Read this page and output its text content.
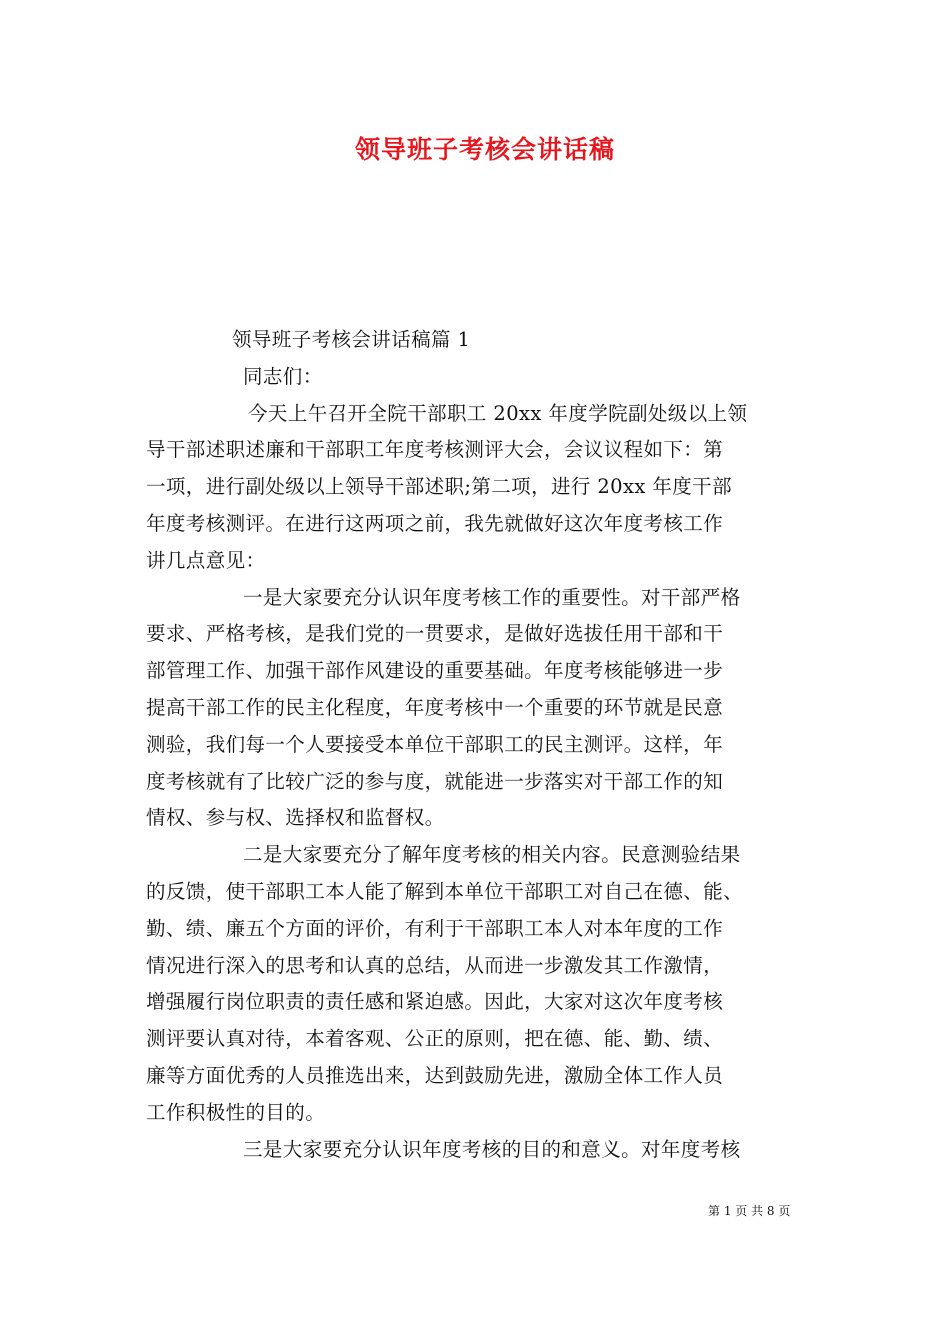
领导班子考核会讲话稿
领导班子考核会讲话稿篇 1
同志们：
今天上午召开全院干部职工 20xx 年度学院副处级以上领
导干部述职述廉和干部职工年度考核测评大会，会议议程如下：第
一项，进行副处级以上领导干部述职;第二项，进行 20xx 年度干部
年度考核测评。在进行这两项之前，我先就做好这次年度考核工作
讲几点意见：
一是大家要充分认识年度考核工作的重要性。对干部严格
要求、严格考核，是我们党的一贯要求，是做好选拔任用干部和干
部管理工作、加强干部作风建设的重要基础。年度考核能够进一步
提高干部工作的民主化程度，年度考核中一个重要的环节就是民意
测验，我们每一个人要接受本单位干部职工的民主测评。这样，年
度考核就有了比较广泛的参与度，就能进一步落实对干部工作的知
情权、参与权、选择权和监督权。
二是大家要充分了解年度考核的相关内容。民意测验结果
的反馈，使干部职工本人能了解到本单位干部职工对自己在德、能、
勤、绩、廉五个方面的评价，有利于干部职工本人对本年度的工作
情况进行深入的思考和认真的总结，从而进一步激发其工作激情，
增强履行岗位职责的责任感和紧迫感。因此，大家对这次年度考核
测评要认真对待，本着客观、公正的原则，把在德、能、勤、绩、
廉等方面优秀的人员推选出来，达到鼓励先进，激励全体工作人员
工作积极性的目的。
三是大家要充分认识年度考核的目的和意义。对年度考核
第 1 页 共 8 页
